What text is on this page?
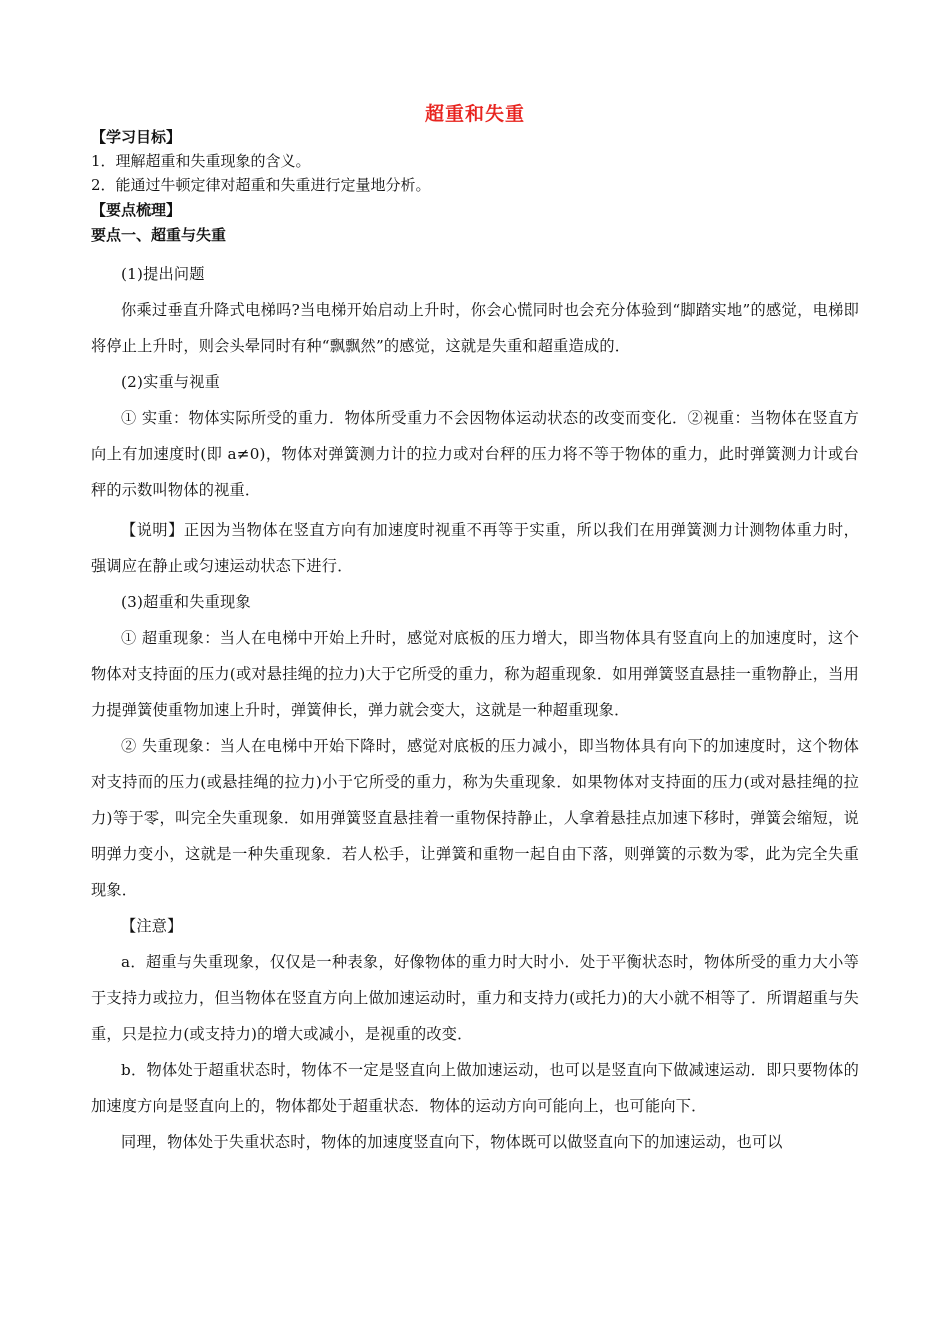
超重和失重
【学习目标】
1．理解超重和失重现象的含义。
2．能通过牛顿定律对超重和失重进行定量地分析。
【要点梳理】
要点一、超重与失重

(1)提出问题

你乘过垂直升降式电梯吗?当电梯开始启动上升时，你会心慌同时也会充分体验到“脚踏实地”的感觉，电梯即将停止上升时，则会头晕同时有种“飘飘然”的感觉，这就是失重和超重造成的．

(2)实重与视重

① 实重：物体实际所受的重力．物体所受重力不会因物体运动状态的改变而变化．②视重：当物体在竖直方向上有加速度时(即 a≠0)，物体对弹簧测力计的拉力或对台秤的压力将不等于物体的重力，此时弹簧测力计或台秤的示数叫物体的视重．

【说明】正因为当物体在竖直方向有加速度时视重不再等于实重，所以我们在用弹簧测力计测物体重力时，强调应在静止或匀速运动状态下进行．

(3)超重和失重现象

① 超重现象：当人在电梯中开始上升时，感觉对底板的压力增大，即当物体具有竖直向上的加速度时，这个物体对支持面的压力(或对悬挂绳的拉力)大于它所受的重力，称为超重现象．如用弹簧竖直悬挂一重物静止，当用力提弹簧使重物加速上升时，弹簧伸长，弹力就会变大，这就是一种超重现象．

② 失重现象：当人在电梯中开始下降时，感觉对底板的压力减小，即当物体具有向下的加速度时，这个物体对支持而的压力(或悬挂绳的拉力)小于它所受的重力，称为失重现象．如果物体对支持面的压力(或对悬挂绳的拉力)等于零，叫完全失重现象．如用弹簧竖直悬挂着一重物保持静止，人拿着悬挂点加速下移时，弹簧会缩短，说明弹力变小，这就是一种失重现象．若人松手，让弹簧和重物一起自由下落，则弹簧的示数为零，此为完全失重现象．

【注意】

a．超重与失重现象，仅仅是一种表象，好像物体的重力时大时小．处于平衡状态时，物体所受的重力大小等于支持力或拉力，但当物体在竖直方向上做加速运动时，重力和支持力(或托力)的大小就不相等了．所谓超重与失重，只是拉力(或支持力)的增大或减小，是视重的改变．

b．物体处于超重状态时，物体不一定是竖直向上做加速运动，也可以是竖直向下做减速运动．即只要物体的加速度方向是竖直向上的，物体都处于超重状态．物体的运动方向可能向上，也可能向下．

同理，物体处于失重状态时，物体的加速度竖直向下，物体既可以做竖直向下的加速运动，也可以
